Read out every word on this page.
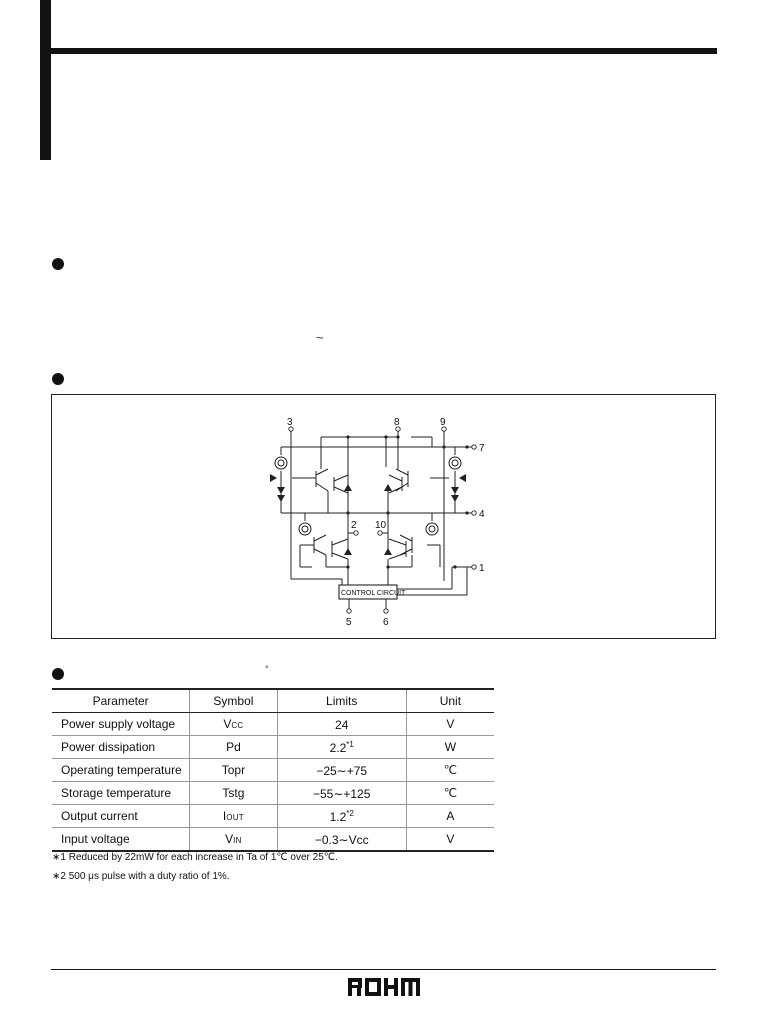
~
°
3	8	9
7
4
2 10
1
5	6
CONTROL CIRCUIT
Parameter	Symbol	Limits	Unit
Power supply voltage	VCC	24	V
Power dissipation	Pd	2.2$^{*1}$	W
Operating temperature	Topr	−25∼+75	℃
Storage temperature	Tstg	−55∼+125	℃
Output current	IOUT	1.2$^{*2}$	A
Input voltage	VIN	−0.3∼Vcc	V
∗1 Reduced by 22mW for each increase in Ta of 1℃ over 25℃.
∗2 500 μs pulse with a duty ratio of 1%.
